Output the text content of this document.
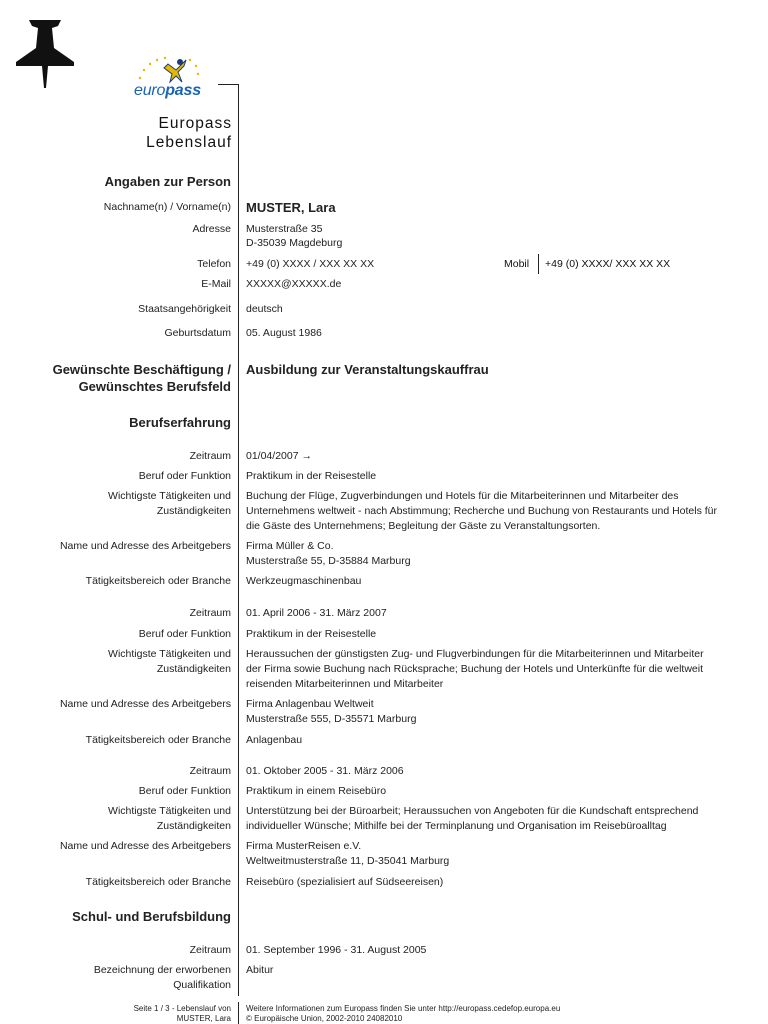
europass
Europass
Lebenslauf
Angaben zur Person
Nachname(n) / Vorname(n) MUSTER, Lara
Adresse Musterstraße 35
D-35039 Magdeburg
Telefon +49 (0) XXXX / XXX XX XX	Mobil +49 (0) XXXX/ XXX XX XX
E-Mail XXXXX@XXXXX.de
Staatsangehörigkeit deutsch
Geburtsdatum 05. August 1986
Gewünschte Beschäftigung /
Gewünschtes Berufsfeld
Ausbildung zur Veranstaltungskauffrau
Berufserfahrung
Zeitraum 01/04/2007 →
Beruf oder Funktion Praktikum in der Reisestelle
Wichtigste Tätigkeiten und
Zuständigkeiten
Buchung der Flüge, Zugverbindungen und Hotels für die Mitarbeiterinnen und Mitarbeiter des
Unternehmens weltweit - nach Abstimmung; Recherche und Buchung von Restaurants und Hotels für
die Gäste des Unternehmens; Begleitung der Gäste zu Veranstaltungsorten.
Name und Adresse des Arbeitgebers Firma Müller & Co.
Musterstraße 55, D-35884 Marburg
Tätigkeitsbereich oder Branche Werkzeugmaschinenbau
Zeitraum 01. April 2006 - 31. März 2007
Beruf oder Funktion Praktikum in der Reisestelle
Wichtigste Tätigkeiten und
Zuständigkeiten
Heraussuchen der günstigsten Zug- und Flugverbindungen für die Mitarbeiterinnen und Mitarbeiter
der Firma sowie Buchung nach Rücksprache; Buchung der Hotels und Unterkünfte für die weltweit
reisenden Mitarbeiterinnen und Mitarbeiter
Name und Adresse des Arbeitgebers Firma Anlagenbau Weltweit
Musterstraße 555, D-35571 Marburg
Tätigkeitsbereich oder Branche Anlagenbau
Zeitraum 01. Oktober 2005 - 31. März 2006
Beruf oder Funktion Praktikum in einem Reisebüro
Wichtigste Tätigkeiten und
Zuständigkeiten
Unterstützung bei der Büroarbeit; Heraussuchen von Angeboten für die Kundschaft entsprechend
individueller Wünsche; Mithilfe bei der Terminplanung und Organisation im Reisebüroalltag
Name und Adresse des Arbeitgebers Firma MusterReisen e.V.
Weltweitmusterstraße 11, D-35041 Marburg
Tätigkeitsbereich oder Branche Reisebüro (spezialisiert auf Südseereisen)
Schul- und Berufsbildung
Zeitraum 01. September 1996 - 31. August 2005
Bezeichnung der erworbenen
Qualifikation
Abitur
Seite 1 / 3 - Lebenslauf von
MUSTER, Lara
Weitere Informationen zum Europass finden Sie unter http://europass.cedefop.europa.eu
© Europäische Union, 2002-2010 24082010
